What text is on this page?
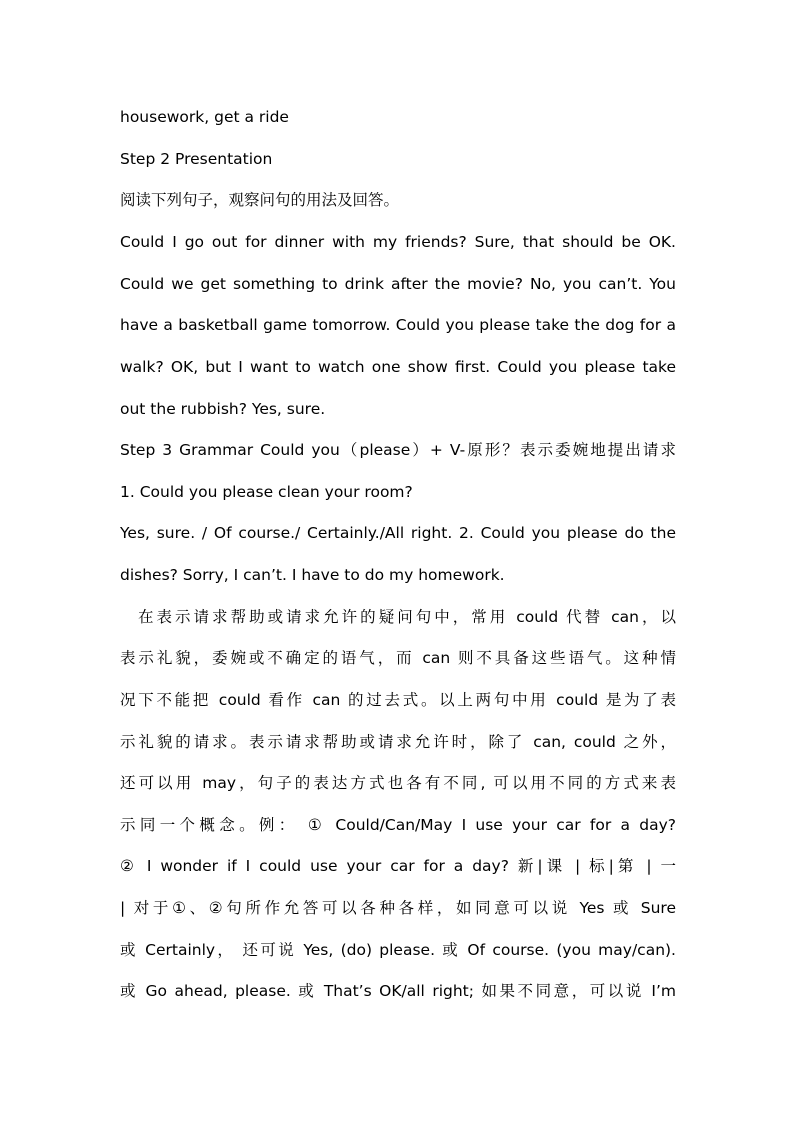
housework, get a ride
Step 2 Presentation
阅读下列句子，观察问句的用法及回答。
Could I go out for dinner with my friends? Sure, that should be OK.
Could we get something to drink after the movie? No, you can’t. You
have a basketball game tomorrow. Could you please take the dog for a
walk? OK, but I want to watch one show first. Could you please take
out the rubbish? Yes, sure.
Step 3 Grammar Could you（please）+ V-原形？表示委婉地提出请求
1. Could you please clean your room?
Yes, sure. / Of course./ Certainly./All right. 2. Could you please do the
dishes? Sorry, I can’t. I have to do my homework.
在表示请求帮助或请求允许的疑问句中，常用 could 代替 can，以
表示礼貌，委婉或不确定的语气，而 can 则不具备这些语气。这种情
况下不能把 could 看作 can 的过去式。以上两句中用 could 是为了表
示礼貌的请求。表示请求帮助或请求允许时，除了 can, could 之外，
还可以用 may，句子的表达方式也各有不同, 可以用不同的方式来表
示同一个概念。例： ① Could/Can/May I use your car for a day?
② I wonder if I could use your car for a day? 新|课 | 标|第 | 一
| 对于①、②句所作允答可以各种各样，如同意可以说 Yes 或 Sure
或 Certainly， 还可说 Yes, (do) please. 或 Of course. (you may/can).
或 Go ahead, please. 或 That’s OK/all right; 如果不同意，可以说 I’m
